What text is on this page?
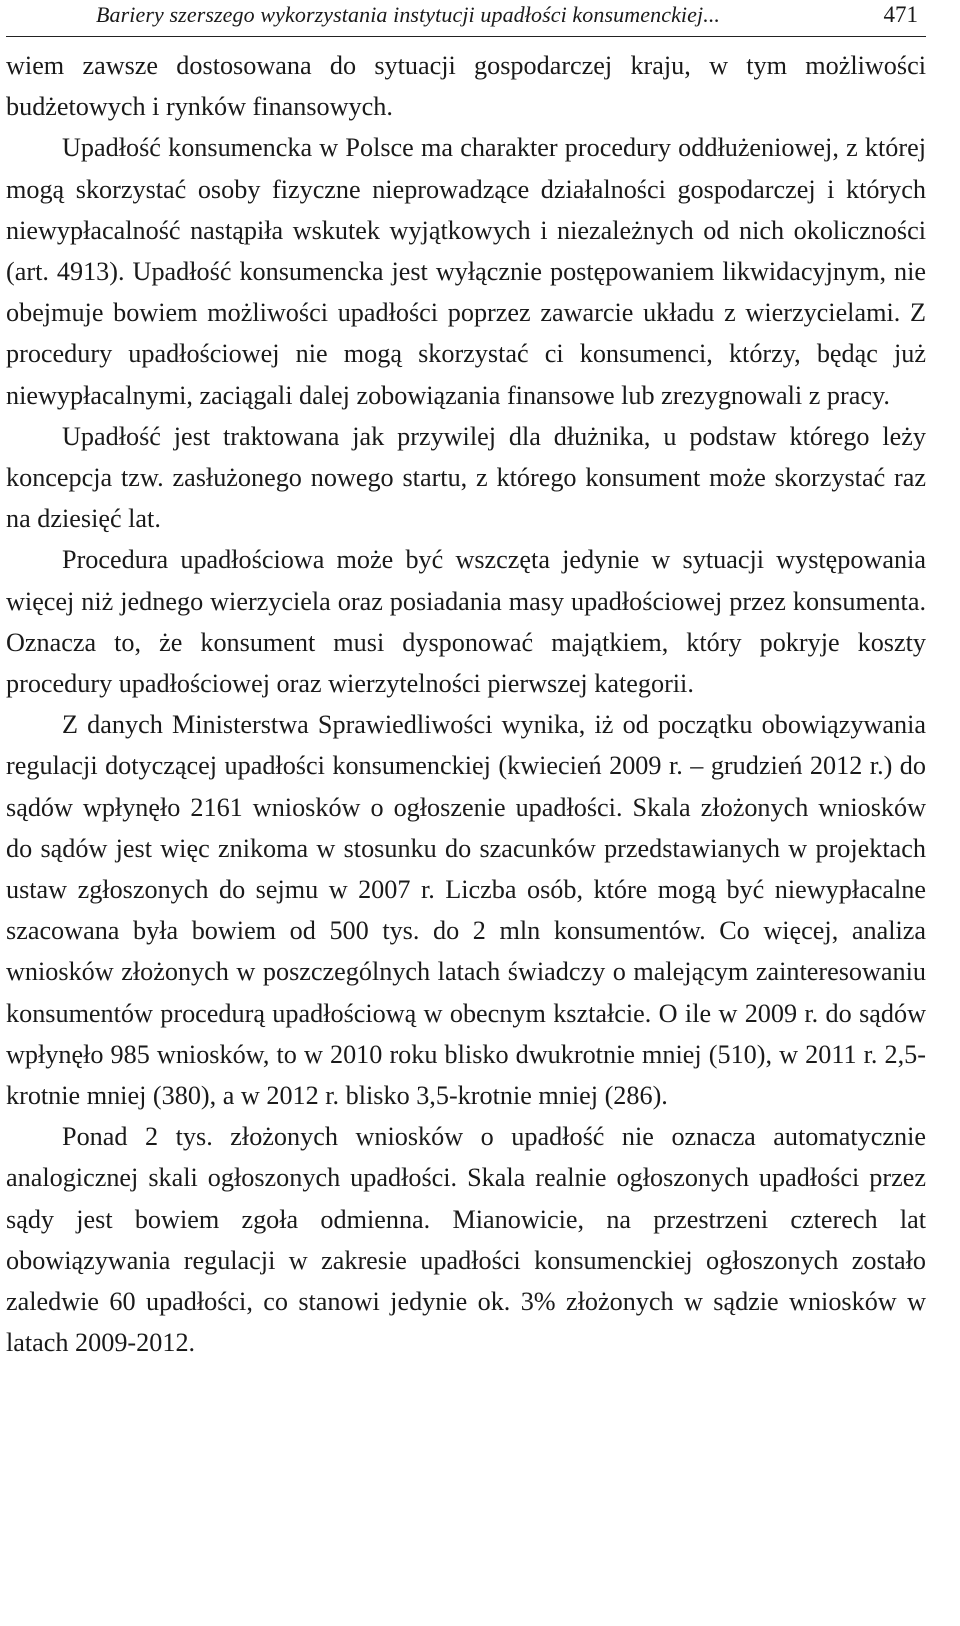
Bariery szerszego wykorzystania instytucji upadłości konsumenckiej...	471

wiem zawsze dostosowana do sytuacji gospodarczej kraju, w tym możliwości budżetowych i rynków finansowych.

Upadłość konsumencka w Polsce ma charakter procedury oddłużeniowej, z której mogą skorzystać osoby fizyczne nieprowadzące działalności gospodarczej i których niewypłacalność nastąpiła wskutek wyjątkowych i niezależnych od nich okoliczności (art. 4913). Upadłość konsumencka jest wyłącznie postępowaniem likwidacyjnym, nie obejmuje bowiem możliwości upadłości poprzez zawarcie układu z wierzycielami. Z procedury upadłościowej nie mogą skorzystać ci konsumenci, którzy, będąc już niewypłacalnymi, zaciągali dalej zobowiązania finansowe lub zrezygnowali z pracy.

Upadłość jest traktowana jak przywilej dla dłużnika, u podstaw którego leży koncepcja tzw. zasłużonego nowego startu, z którego konsument może skorzystać raz na dziesięć lat.

Procedura upadłościowa może być wszczęta jedynie w sytuacji występowania więcej niż jednego wierzyciela oraz posiadania masy upadłościowej przez konsumenta. Oznacza to, że konsument musi dysponować majątkiem, który pokryje koszty procedury upadłościowej oraz wierzytelności pierwszej kategorii.

Z danych Ministerstwa Sprawiedliwości wynika, iż od początku obowiązywania regulacji dotyczącej upadłości konsumenckiej (kwiecień 2009 r. – grudzień 2012 r.) do sądów wpłynęło 2161 wniosków o ogłoszenie upadłości. Skala złożonych wniosków do sądów jest więc znikoma w stosunku do szacunków przedstawianych w projektach ustaw zgłoszonych do sejmu w 2007 r. Liczba osób, które mogą być niewypłacalne szacowana była bowiem od 500 tys. do 2 mln konsumentów. Co więcej, analiza wniosków złożonych w poszczególnych latach świadczy o malejącym zainteresowaniu konsumentów procedurą upadłościową w obecnym kształcie. O ile w 2009 r. do sądów wpłynęło 985 wniosków, to w 2010 roku blisko dwukrotnie mniej (510), w 2011 r. 2,5-krotnie mniej (380), a w 2012 r. blisko 3,5-krotnie mniej (286).

Ponad 2 tys. złożonych wniosków o upadłość nie oznacza automatycznie analogicznej skali ogłoszonych upadłości. Skala realnie ogłoszonych upadłości przez sądy jest bowiem zgoła odmienna. Mianowicie, na przestrzeni czterech lat obowiązywania regulacji w zakresie upadłości konsumenckiej ogłoszonych zostało zaledwie 60 upadłości, co stanowi jedynie ok. 3% złożonych w sądzie wniosków w latach 2009-2012.
